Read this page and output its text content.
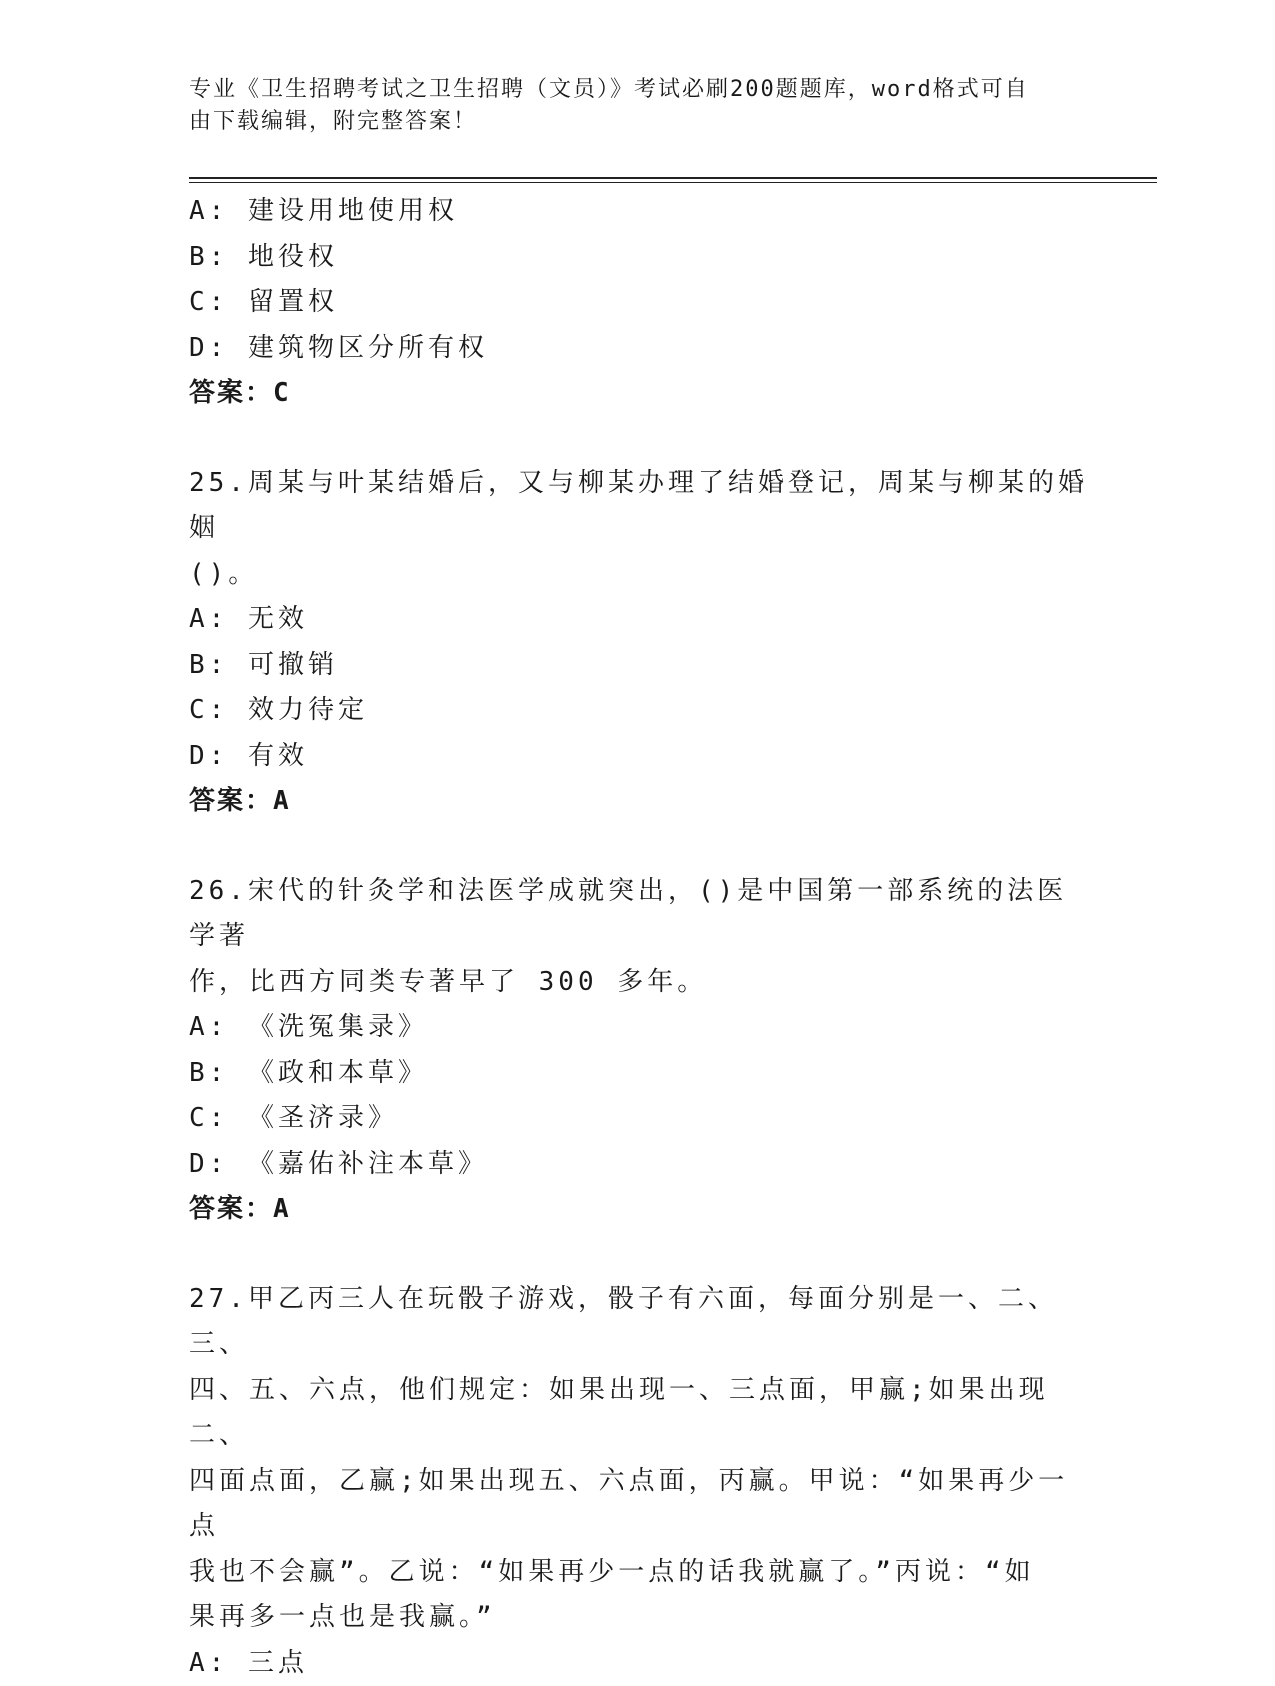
专业《卫生招聘考试之卫生招聘（文员）》考试必刷200题题库，word格式可自
由下载编辑，附完整答案！
A: 建设用地使用权
B: 地役权
C: 留置权
D: 建筑物区分所有权
答案：C
25.周某与叶某结婚后，又与柳某办理了结婚登记，周某与柳某的婚姻
()。
A: 无效
B: 可撤销
C: 效力待定
D: 有效
答案：A
26.宋代的针灸学和法医学成就突出，()是中国第一部系统的法医学著
作，比西方同类专著早了 300 多年。
A: 《洗冤集录》
B: 《政和本草》
C: 《圣济录》
D: 《嘉佑补注本草》
答案：A
27.甲乙丙三人在玩骰子游戏，骰子有六面，每面分别是一、二、三、
四、五、六点，他们规定：如果出现一、三点面，甲赢;如果出现二、
四面点面，乙赢;如果出现五、六点面，丙赢。甲说：“如果再少一点
我也不会赢”。乙说：“如果再少一点的话我就赢了。”丙说：“如
果再多一点也是我赢。”
A: 三点
